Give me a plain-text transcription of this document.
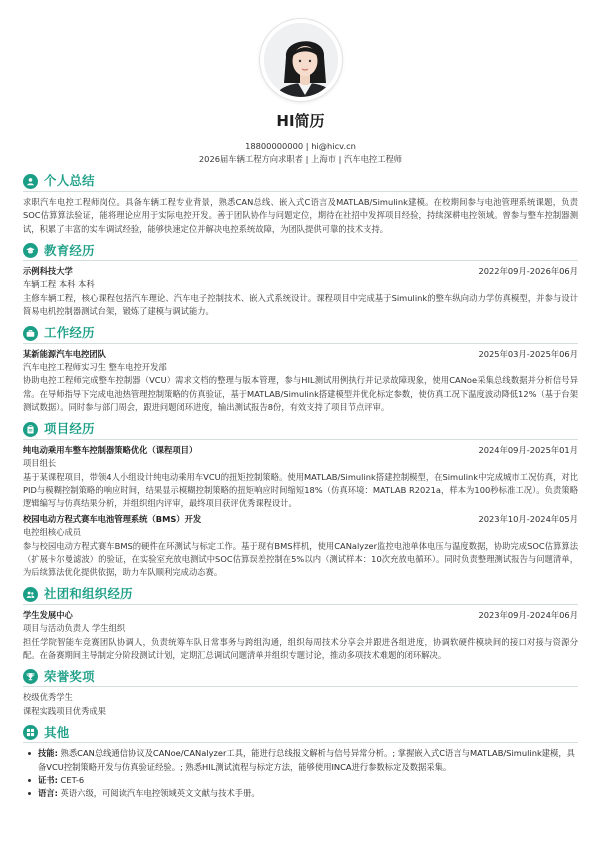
HI简历
18800000000 | hi@hicv.cn
2026届车辆工程方向求职者 | 上海市 | 汽车电控工程师
个人总结
求职汽车电控工程师岗位。具备车辆工程专业背景，熟悉CAN总线、嵌入式C语言及MATLAB/Simulink建模。在校期间参与电池管理系统课题，负责SOC估算算法验证，能将理论应用于实际电控开发。善于团队协作与问题定位，期待在社招中发挥项目经验，持续深耕电控领域。曾参与整车控制器测试，积累了丰富的实车调试经验，能够快速定位并解决电控系统故障，为团队提供可靠的技术支持。
教育经历
示例科技大学	2022年09月-2026年06月
车辆工程 本科 本科
主修车辆工程，核心课程包括汽车理论、汽车电子控制技术、嵌入式系统设计。课程项目中完成基于Simulink的整车纵向动力学仿真模型，并参与设计简易电机控制器测试台架，锻炼了建模与调试能力。
工作经历
某新能源汽车电控团队	2025年03月-2025年06月
汽车电控工程师实习生 整车电控开发部
协助电控工程师完成整车控制器（VCU）需求文档的整理与版本管理，参与HIL测试用例执行并记录故障现象，使用CANoe采集总线数据并分析信号异常。在导师指导下完成电池热管理控制策略的仿真验证，基于MATLAB/Simulink搭建模型并优化标定参数，使仿真工况下温度波动降低12%（基于台架测试数据）。同时参与部门周会，跟进问题闭环进度，输出测试报告8份，有效支持了项目节点评审。
项目经历
纯电动乘用车整车控制器策略优化（课程项目）	2024年09月-2025年01月
项目组长
基于某课程项目，带领4人小组设计纯电动乘用车VCU的扭矩控制策略。使用MATLAB/Simulink搭建控制模型，在Simulink中完成城市工况仿真，对比PID与模糊控制策略的响应时间，结果显示模糊控制策略的扭矩响应时间缩短18%（仿真环境：MATLAB R2021a，样本为100秒标准工况）。负责策略逻辑编写与仿真结果分析，并组织组内评审，最终项目获评优秀课程设计。
校园电动方程式赛车电池管理系统（BMS）开发	2023年10月-2024年05月
电控组核心成员
参与校园电动方程式赛车BMS的硬件在环测试与标定工作。基于现有BMS样机，使用CANalyzer监控电池单体电压与温度数据，协助完成SOC估算算法（扩展卡尔曼滤波）的验证，在实验室充放电测试中SOC估算误差控制在5%以内（测试样本：10次充放电循环）。同时负责整理测试报告与问题清单，为后续算法优化提供依据，助力车队顺利完成动态赛。
社团和组织经历
学生发展中心	2023年09月-2024年06月
项目与活动负责人 学生组织
担任学院智能车竞赛团队协调人，负责统筹车队日常事务与跨组沟通，组织每周技术分享会并跟进各组进度，协调软硬件模块间的接口对接与资源分配。在备赛期间主导制定分阶段测试计划，定期汇总调试问题清单并组织专题讨论，推动多项技术难题的闭环解决。
荣誉奖项
校级优秀学生
课程实践项目优秀成果
其他
技能: 熟悉CAN总线通信协议及CANoe/CANalyzer工具，能进行总线报文解析与信号异常分析。; 掌握嵌入式C语言与MATLAB/Simulink建模，具备VCU控制策略开发与仿真验证经验。; 熟悉HIL测试流程与标定方法，能够使用INCA进行参数标定及数据采集。
证书: CET-6
语言: 英语六级，可阅读汽车电控领域英文文献与技术手册。
